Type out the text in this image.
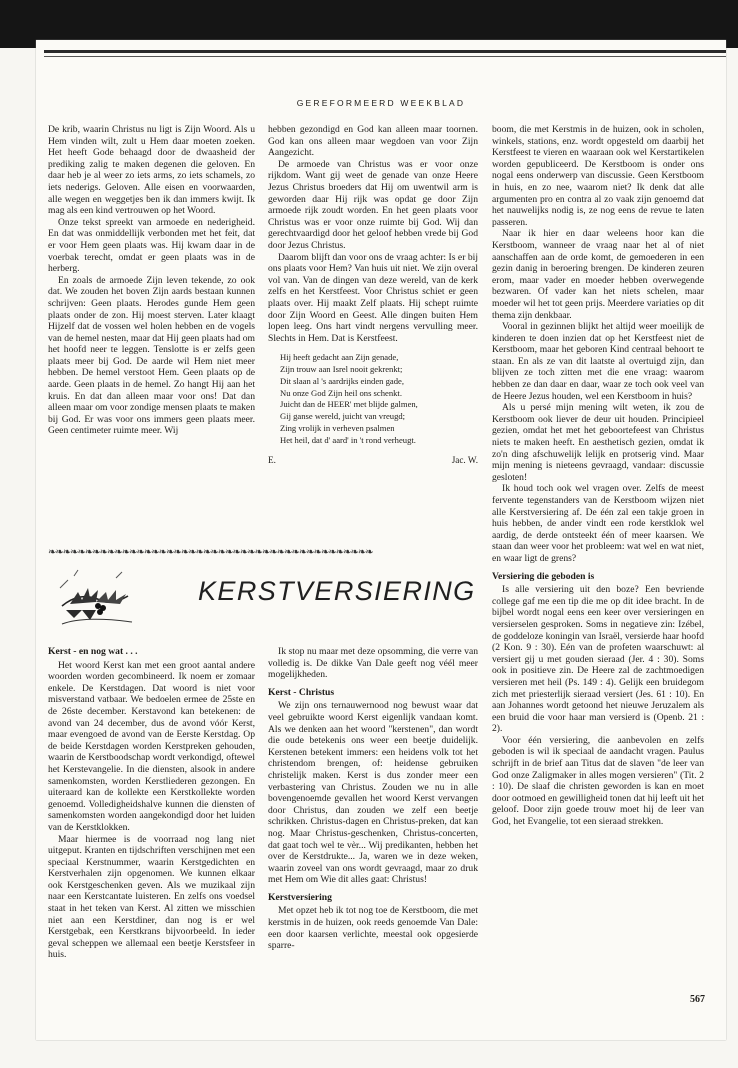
GEREFORMEERD WEEKBLAD

De krib, waarin Christus nu ligt is Zijn Woord. Als u Hem vinden wilt, zult u Hem daar moeten zoeken. Het heeft Gode behaagd door de dwaasheid der prediking zalig te maken degenen die geloven. En daar heb je al weer zo iets arms, zo iets schamels, zo iets nederigs. Geloven. Alle eisen en voorwaarden, alle wegen en weggetjes ben ik dan immers kwijt. Ik mag als een kind vertrouwen op het Woord.

Onze tekst spreekt van armoede en nederigheid. En dat was onmiddellijk verbonden met het feit, dat er voor Hem geen plaats was. Hij kwam daar in de voerbak terecht, omdat er geen plaats was in de herberg.

En zoals de armoede Zijn leven tekende, zo ook dat. We zouden het boven Zijn aards bestaan kunnen schrijven: Geen plaats. Herodes gunde Hem geen plaats onder de zon. Hij moest sterven. Later klaagt Hijzelf dat de vossen wel holen hebben en de vogels van de hemel nesten, maar dat Hij geen plaats had om het hoofd neer te leggen. Tenslotte is er zelfs geen plaats meer bij God. De aarde wil Hem niet meer hebben. De hemel verstoot Hem. Geen plaats op de aarde. Geen plaats in de hemel. Zo hangt Hij aan het kruis. En dat dan alleen maar voor ons! Dat dan alleen maar om voor zondige mensen plaats te maken bij God. Er was voor ons immers geen plaats meer. Geen centimeter ruimte meer. Wij

hebben gezondigd en God kan alleen maar toornen. God kan ons alleen maar wegdoen van voor Zijn Aangezicht.

De armoede van Christus was er voor onze rijkdom. Want gij weet de genade van onze Heere Jezus Christus broeders dat Hij om uwentwil arm is geworden daar Hij rijk was opdat ge door Zijn armoede rijk zoudt worden. En het geen plaats voor Christus was er voor onze ruimte bij God. Wij dan gerechtvaardigd door het geloof hebben vrede bij God door Jezus Christus.

Daarom blijft dan voor ons de vraag achter: Is er bij ons plaats voor Hem? Van huis uit niet. We zijn overal vol van. Van de dingen van deze wereld, van de kerk zelfs en het Kerstfeest. Voor Christus schiet er geen plaats over. Hij maakt Zelf plaats. Hij schept ruimte door Zijn Woord en Geest. Alle dingen buiten Hem lopen leeg. Ons hart vindt nergens vervulling meer. Slechts in Hem. Dat is Kerstfeest.

Hij heeft gedacht aan Zijn genade,
Zijn trouw aan Isrel nooit gekrenkt;
Dit slaan al 's aardrijks einden gade,
Nu onze God Zijn heil ons schenkt.
Juicht dan de HEER' met blijde galmen,
Gij ganse wereld, juicht van vreugd;
Zing vrolijk in verheven psalmen
Het heil, dat d' aard' in 't rond verheugt.
E.	Jac. W.

boom, die met Kerstmis in de huizen, ook in scholen, winkels, stations, enz. wordt opgesteld om daarbij het Kerstfeest te vieren en waaraan ook wel Kerstartikelen worden gepubliceerd. De Kerstboom is onder ons nogal eens onderwerp van discussie. Geen Kerstboom in huis, en zo nee, waarom niet? Ik denk dat alle argumenten pro en contra al zo vaak zijn genoemd dat het nauwelijks nodig is, ze nog eens de revue te laten passeren.

Naar ik hier en daar weleens hoor kan die Kerstboom, wanneer de vraag naar het al of niet aanschaffen aan de orde komt, de gemoederen in een gezin danig in beroering brengen. De kinderen zeuren erom, maar vader en moeder hebben overwegende bezwaren. Of vader kan het niets schelen, maar moeder wil het tot geen prijs. Meerdere variaties op dit thema zijn denkbaar.

Vooral in gezinnen blijkt het altijd weer moeilijk de kinderen te doen inzien dat op het Kerstfeest niet de Kerstboom, maar het geboren Kind centraal behoort te staan. En als ze van dit laatste al overtuigd zijn, dan blijven ze toch zitten met die ene vraag: waarom hebben ze dan daar en daar, waar ze toch ook veel van de Heere Jezus houden, wel een Kerstboom in huis?

Als u persé mijn mening wilt weten, ik zou de Kerstboom ook liever de deur uit houden. Principieel gezien, omdat het met het geboortefeest van Christus niets te maken heeft. En aesthetisch gezien, omdat ik zo'n ding afschuwelijk lelijk en protserig vind. Maar mijn mening is nieteens gevraagd, vandaar: discussie gesloten!

Ik houd toch ook wel vragen over. Zelfs de meest fervente tegenstanders van de Kerstboom wijzen niet alle Kerstversiering af. De één zal een takje groen in huis hebben, de ander vindt een rode kerstklok wel aardig, de derde ontsteekt één of meer kaarsen. We staan dan weer voor het probleem: wat wel en wat niet, en waar ligt de grens?

Versiering die geboden is

Is alle versiering uit den boze? Een bevriende college gaf me een tip die me op dit idee bracht. In de bijbel wordt nogal eens een keer over versieringen en versierselen gesproken. Soms in negatieve zin: Izébel, de goddeloze koningin van Israël, versierde haar hoofd (2 Kon. 9 : 30). Eén van de profeten waarschuwt: al versiert gij u met gouden sieraad (Jer. 4 : 30). Soms ook in positieve zin. De Heere zal de zachtmoedigen versieren met heil (Ps. 149 : 4). Gelijk een bruidegom zich met priesterlijk sieraad versiert (Jes. 61 : 10). En aan Johannes wordt getoond het nieuwe Jeruzalem als een bruid die voor haar man versierd is (Openb. 21 : 2).

Voor één versiering, die aanbevolen en zelfs geboden is wil ik speciaal de aandacht vragen. Paulus schrijft in de brief aan Titus dat de slaven "de leer van God onze Zaligmaker in alles mogen versieren" (Tit. 2 : 10). De slaaf die christen geworden is kan en moet door ootmoed en gewilligheid tonen dat hij leeft uit het geloof. Door zijn goede trouw moet hij de leer van God, het Evangelie, tot een sieraad strekken.

❧❧❧❧❧❧❧❧❧❧❧❧❧❧❧❧❧❧❧❧❧❧❧❧❧❧❧❧❧❧❧❧❧❧❧❧❧❧❧❧❧❧❧❧
KERSTVERSIERING
Kerst - en nog wat . . .

Het woord Kerst kan met een groot aantal andere woorden worden gecombineerd. Ik noem er zomaar enkele. De Kerstdagen. Dat woord is niet voor misverstand vatbaar. We bedoelen ermee de 25ste en de 26ste december. Kerstavond kan betekenen: de avond van 24 december, dus de avond vóór Kerst, maar evengoed de avond van de Eerste Kerstdag. Op de beide Kerstdagen worden Kerstpreken gehouden, waarin de Kerstboodschap wordt verkondigd, oftewel het Kerstevangelie. In die diensten, alsook in andere samenkomsten, worden Kerstliederen gezongen. En uiteraard kan de kollekte een Kerstkollekte worden genoemd. Volledigheidshalve kunnen die diensten of samenkomsten worden aangekondigd door het luiden van de Kerstklokken.

Maar hiermee is de voorraad nog lang niet uitgeput. Kranten en tijdschriften verschijnen met een speciaal Kerstnummer, waarin Kerstgedichten en Kerstverhalen zijn opgenomen. We kunnen elkaar ook Kerstgeschenken geven. Als we muzikaal zijn naar een Kerstcantate luisteren. En zelfs ons voedsel staat in het teken van Kerst. Al zitten we misschien niet aan een Kerstdiner, dan nog is er wel Kerstgebak, een Kerstkrans bijvoorbeeld. In ieder geval scheppen we allemaal een beetje Kerstsfeer in huis.

Ik stop nu maar met deze opsomming, die verre van volledig is. De dikke Van Dale geeft nog véél meer mogelijkheden.

Kerst - Christus

We zijn ons ternauwernood nog bewust waar dat veel gebruikte woord Kerst eigenlijk vandaan komt. Als we denken aan het woord "kerstenen", dan wordt die oude betekenis ons weer een beetje duidelijk. Kerstenen betekent immers: een heidens volk tot het christendom brengen, of: heidense gebruiken christelijk maken. Kerst is dus zonder meer een verbastering van Christus. Zouden we nu in alle bovengenoemde gevallen het woord Kerst vervangen door Christus, dan zouden we zelf een beetje schrikken. Christus-dagen en Christus-preken, dat kan nog. Maar Christus-geschenken, Christus-concerten, dat gaat toch wel te vèr... Wij predikanten, hebben het over de Kerstdrukte... Ja, waren we in deze weken, waarin zoveel van ons wordt gevraagd, maar zo druk met Hem om Wie dit alles gaat: Christus!

Kerstversiering

Met opzet heb ik tot nog toe de Kerstboom, die met kerstmis in de huizen, ook reeds genoemde Van Dale: een door kaarsen verlichte, meestal ook opgesierde sparre-

567
